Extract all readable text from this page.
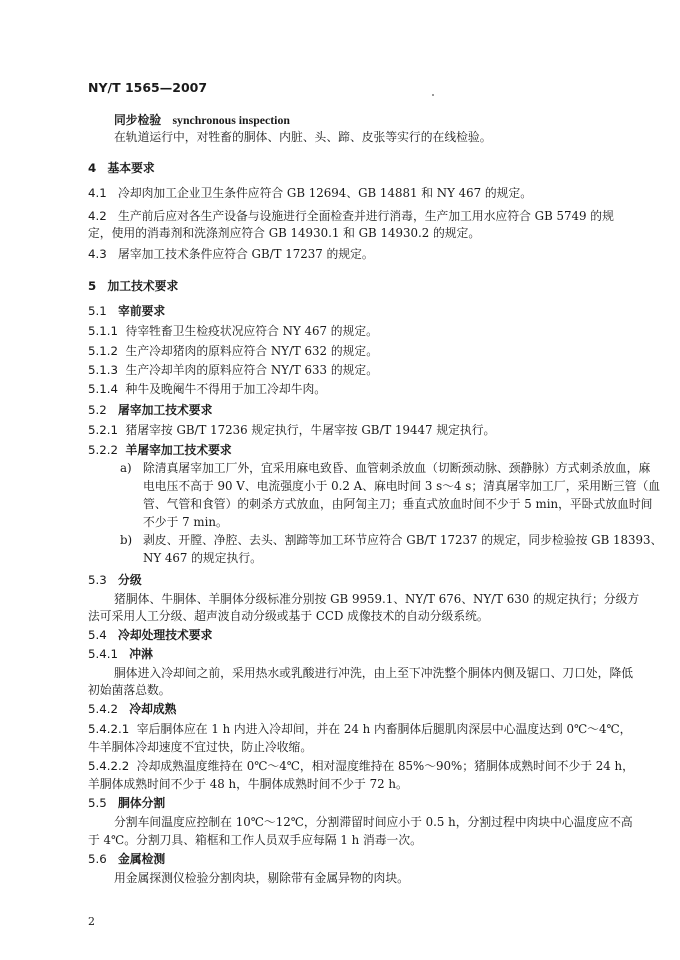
NY/T 1565—2007
同步检验 synchronous inspection
在轨道运行中，对牲畜的胴体、内脏、头、蹄、皮张等实行的在线检验。
4 基本要求
4.1 冷却肉加工企业卫生条件应符合 GB 12694、GB 14881 和 NY 467 的规定。
4.2 生产前后应对各生产设备与设施进行全面检查并进行消毒，生产加工用水应符合 GB 5749 的规
定，使用的消毒剂和洗涤剂应符合 GB 14930.1 和 GB 14930.2 的规定。
4.3 屠宰加工技术条件应符合 GB/T 17237 的规定。
5 加工技术要求
5.1 宰前要求
5.1.1 待宰牲畜卫生检疫状况应符合 NY 467 的规定。
5.1.2 生产冷却猪肉的原料应符合 NY/T 632 的规定。
5.1.3 生产冷却羊肉的原料应符合 NY/T 633 的规定。
5.1.4 种牛及晚阉牛不得用于加工冷却牛肉。
5.2 屠宰加工技术要求
5.2.1 猪屠宰按 GB/T 17236 规定执行，牛屠宰按 GB/T 19447 规定执行。
5.2.2 羊屠宰加工技术要求
a) 除清真屠宰加工厂外，宜采用麻电致昏、血管刺杀放血（切断颈动脉、颈静脉）方式刺杀放血，麻
电电压不高于 90 V、电流强度小于 0.2 A、麻电时间 3 s～4 s；清真屠宰加工厂，采用断三管（血
管、气管和食管）的刺杀方式放血，由阿訇主刀；垂直式放血时间不少于 5 min，平卧式放血时间
不少于 7 min。
b) 剥皮、开膛、净腔、去头、割蹄等加工环节应符合 GB/T 17237 的规定，同步检验按 GB 18393、
NY 467 的规定执行。
5.3 分级
猪胴体、牛胴体、羊胴体分级标准分别按 GB 9959.1、NY/T 676、NY/T 630 的规定执行；分级方
法可采用人工分级、超声波自动分级或基于 CCD 成像技术的自动分级系统。
5.4 冷却处理技术要求
5.4.1 冲淋
胴体进入冷却间之前，采用热水或乳酸进行冲洗，由上至下冲洗整个胴体内侧及锯口、刀口处，降低
初始菌落总数。
5.4.2 冷却成熟
5.4.2.1 宰后胴体应在 1 h 内进入冷却间，并在 24 h 内畜胴体后腿肌肉深层中心温度达到 0℃～4℃，
牛羊胴体冷却速度不宜过快，防止冷收缩。
5.4.2.2 冷却成熟温度维持在 0℃～4℃，相对湿度维持在 85%～90%；猪胴体成熟时间不少于 24 h，
羊胴体成熟时间不少于 48 h，牛胴体成熟时间不少于 72 h。
5.5 胴体分割
分割车间温度应控制在 10℃～12℃，分割滞留时间应小于 0.5 h，分割过程中肉块中心温度应不高
于 4℃。分割刀具、箱框和工作人员双手应每隔 1 h 消毒一次。
5.6 金属检测
用金属探测仪检验分割肉块，剔除带有金属异物的肉块。
2
